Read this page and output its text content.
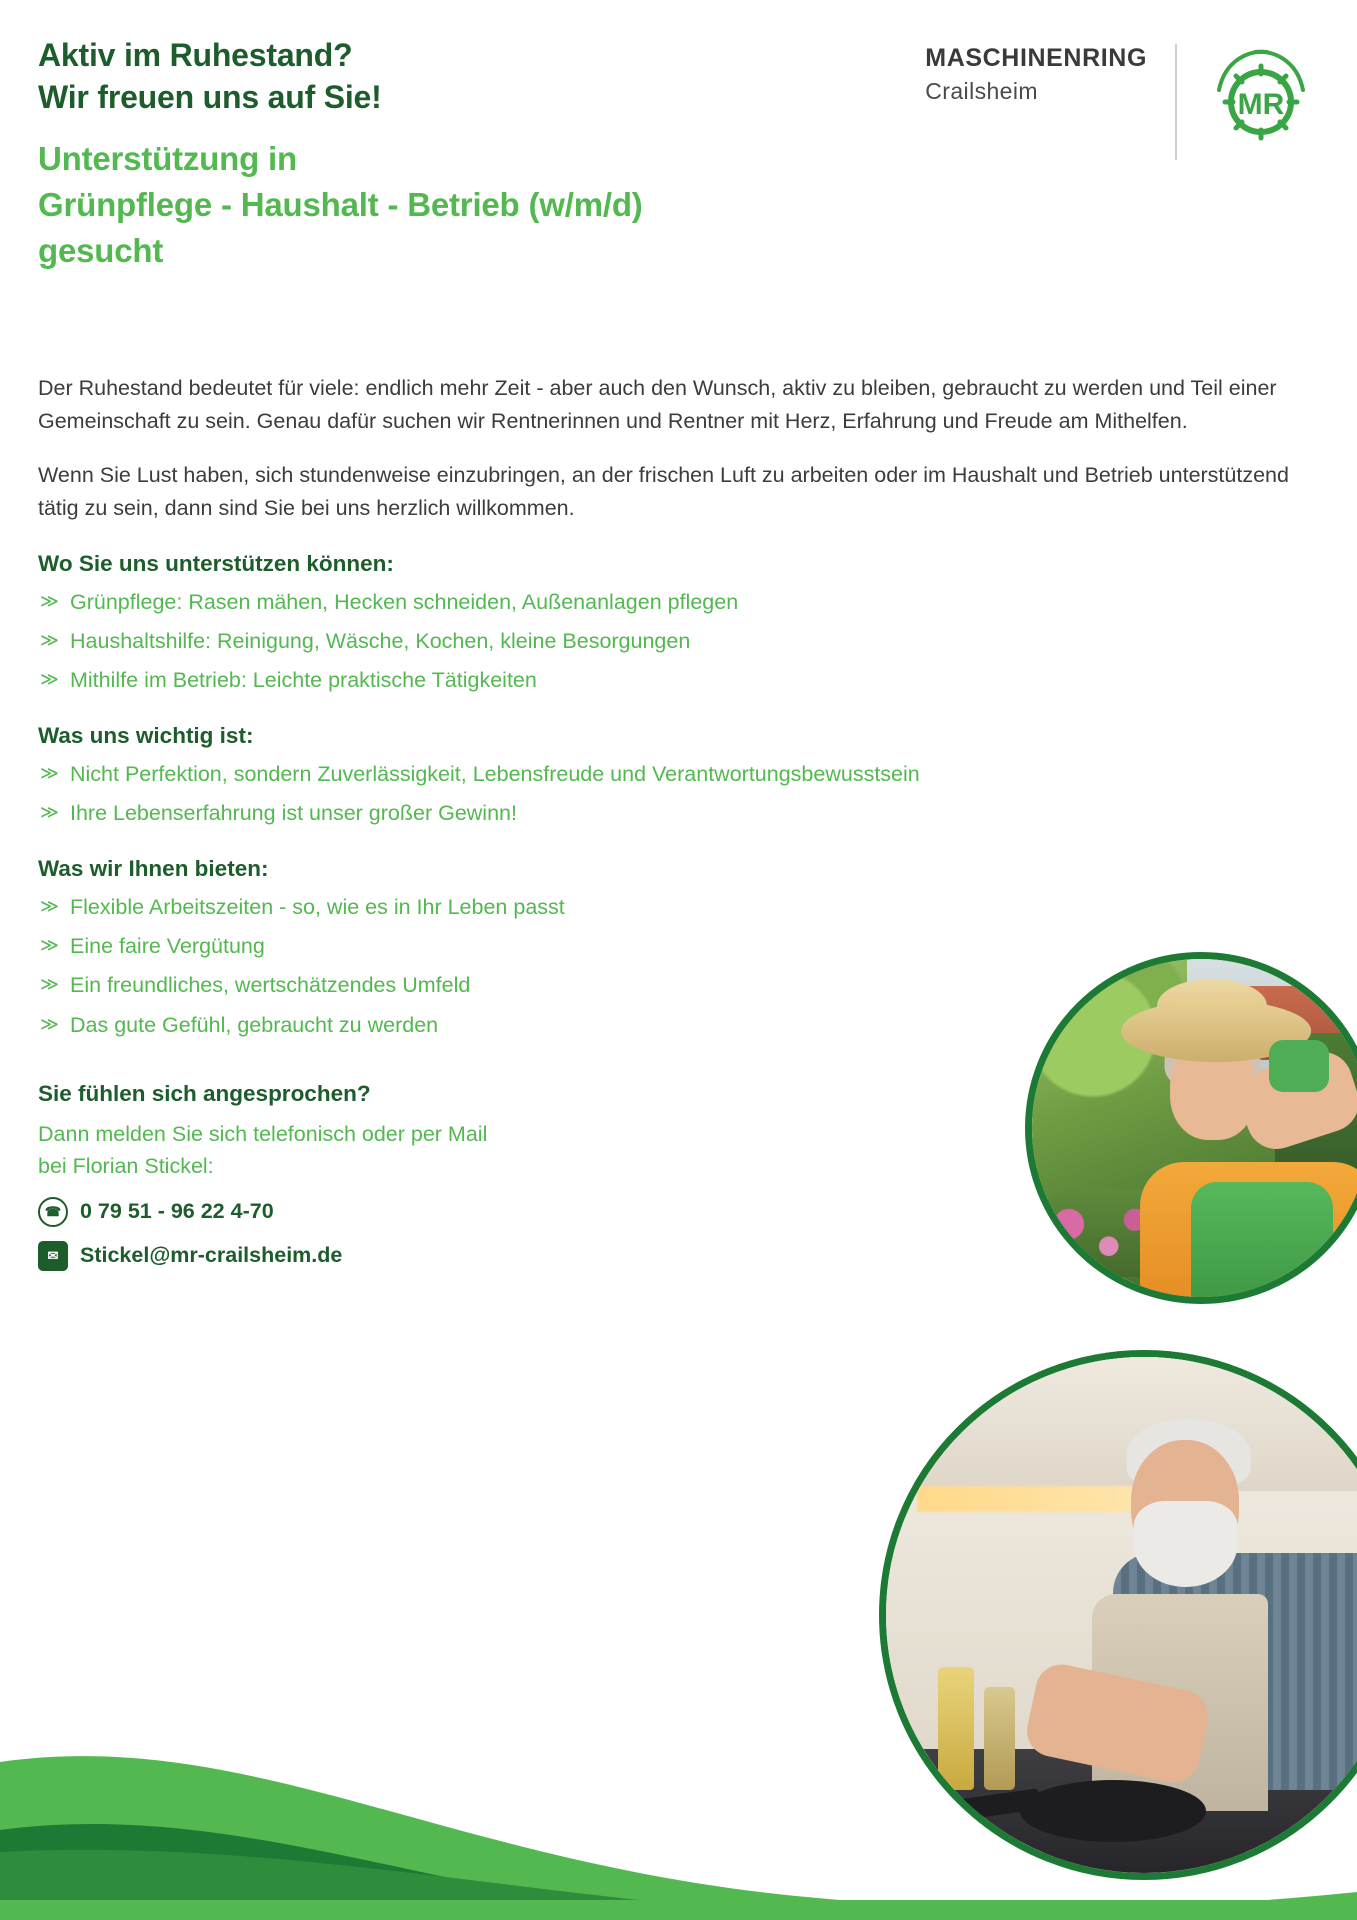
Aktiv im Ruhestand?
Wir freuen uns auf Sie!
Unterstützung in
Grünpflege - Haushalt - Betrieb (w/m/d)
gesucht
MASCHINENRING
Crailsheim	MR
Der Ruhestand bedeutet für viele: endlich mehr Zeit - aber auch den Wunsch, aktiv zu bleiben, gebraucht zu werden und Teil einer Gemeinschaft zu sein. Genau dafür suchen wir Rentnerinnen und Rentner mit Herz, Erfahrung und Freude am Mithelfen.
Wenn Sie Lust haben, sich stundenweise einzubringen, an der frischen Luft zu arbeiten oder im Haushalt und Betrieb unterstützend tätig zu sein, dann sind Sie bei uns herzlich willkommen.
Wo Sie uns unterstützen können:
≫ Grünpflege: Rasen mähen, Hecken schneiden, Außenanlagen pflegen
≫ Haushaltshilfe: Reinigung, Wäsche, Kochen, kleine Besorgungen
≫ Mithilfe im Betrieb: Leichte praktische Tätigkeiten
Was uns wichtig ist:
≫ Nicht Perfektion, sondern Zuverlässigkeit, Lebensfreude und Verantwortungsbewusstsein
≫ Ihre Lebenserfahrung ist unser großer Gewinn!
Was wir Ihnen bieten:
≫ Flexible Arbeitszeiten - so, wie es in Ihr Leben passt
≫ Eine faire Vergütung
≫ Ein freundliches, wertschätzendes Umfeld
≫ Das gute Gefühl, gebraucht zu werden
Sie fühlen sich angesprochen?
Dann melden Sie sich telefonisch oder per Mail
bei Florian Stickel:
☎ 0 79 51 - 96 22 4-70
✉	Stickel@mr-crailsheim.de
